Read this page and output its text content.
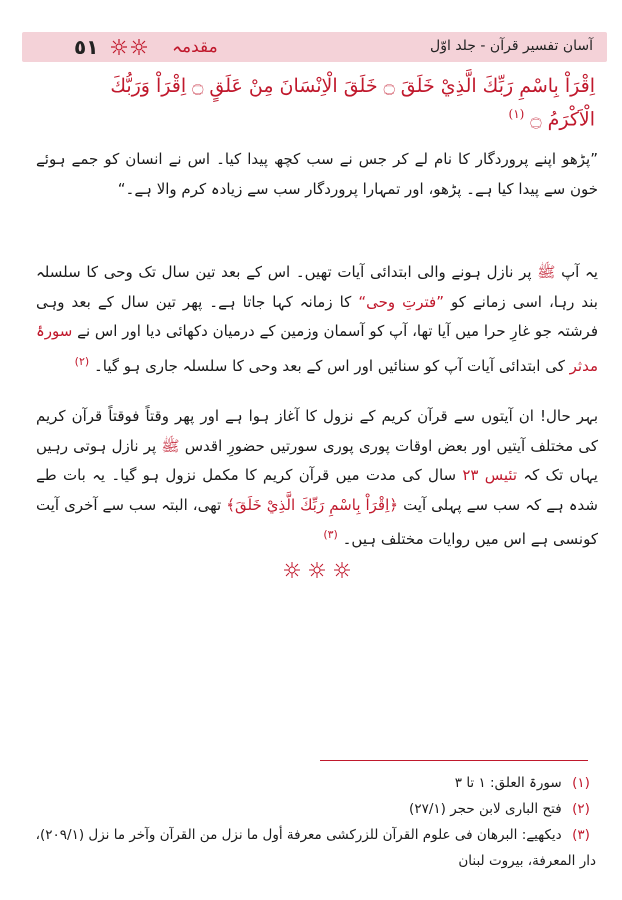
٥١	مقدمہ	آسان تفسیر قرآن - جلد اوّل
اِقْرَاْ بِاسْمِ رَبِّكَ الَّذِيْ خَلَقَ ۝ خَلَقَ الْاِنْسَانَ مِنْ عَلَقٍ ۝ اِقْرَاْ وَرَبُّكَ
الْاَكْرَمُ ۝ $^{(١)}$
”پڑھو اپنے پروردگار کا نام لے کر جس نے سب کچھ پیدا کیا۔ اس نے انسان کو جمے ہوئے خون سے پیدا کیا ہے۔ پڑھو، اور تمہارا پروردگار سب سے زیادہ کرم والا ہے۔“
یہ آپ ﷺ پر نازل ہونے والی ابتدائی آیات تھیں۔ اس کے بعد تین سال تک وحی کا سلسلہ بند رہا، اسی زمانے کو ”فترتِ وحی“ کا زمانہ کہا جاتا ہے۔ پھر تین سال کے بعد وہی فرشتہ جو غارِ حرا میں آیا تھا، آپ کو آسمان وزمین کے درمیان دکھائی دیا اور اس نے سورۂ مدثر کی ابتدائی آیات آپ کو سنائیں اور اس کے بعد وحی کا سلسلہ جاری ہو گیا۔ $^{(٢)}$
بہر حال! ان آیتوں سے قرآن کریم کے نزول کا آغاز ہوا ہے اور پھر وقتاً فوقتاً قرآن کریم کی مختلف آیتیں اور بعض اوقات پوری پوری سورتیں حضورِ اقدس ﷺ پر نازل ہوتی رہیں یہاں تک کہ تئیس ٢٣ سال کی مدت میں قرآن کریم کا مکمل نزول ہو گیا۔ یہ بات طے شدہ ہے کہ سب سے پہلی آیت ﴿اِقْرَاْ بِاسْمِ رَبِّكَ الَّذِيْ خَلَقَ﴾ تھی، البتہ سب سے آخری آیت کونسی ہے اس میں روایات مختلف ہیں۔ $^{(٣)}$
(١) سورۃ العلق: ١ تا ٣
(٢) فتح الباری لابن حجر (٢٧/١)
(٣) دیکھیے: البرھان فی علوم القرآن للزرکشی معرفة أول ما نزل من القرآن وآخر ما نزل (٢٠٩/١)، دار المعرفة، بیروت لبنان
